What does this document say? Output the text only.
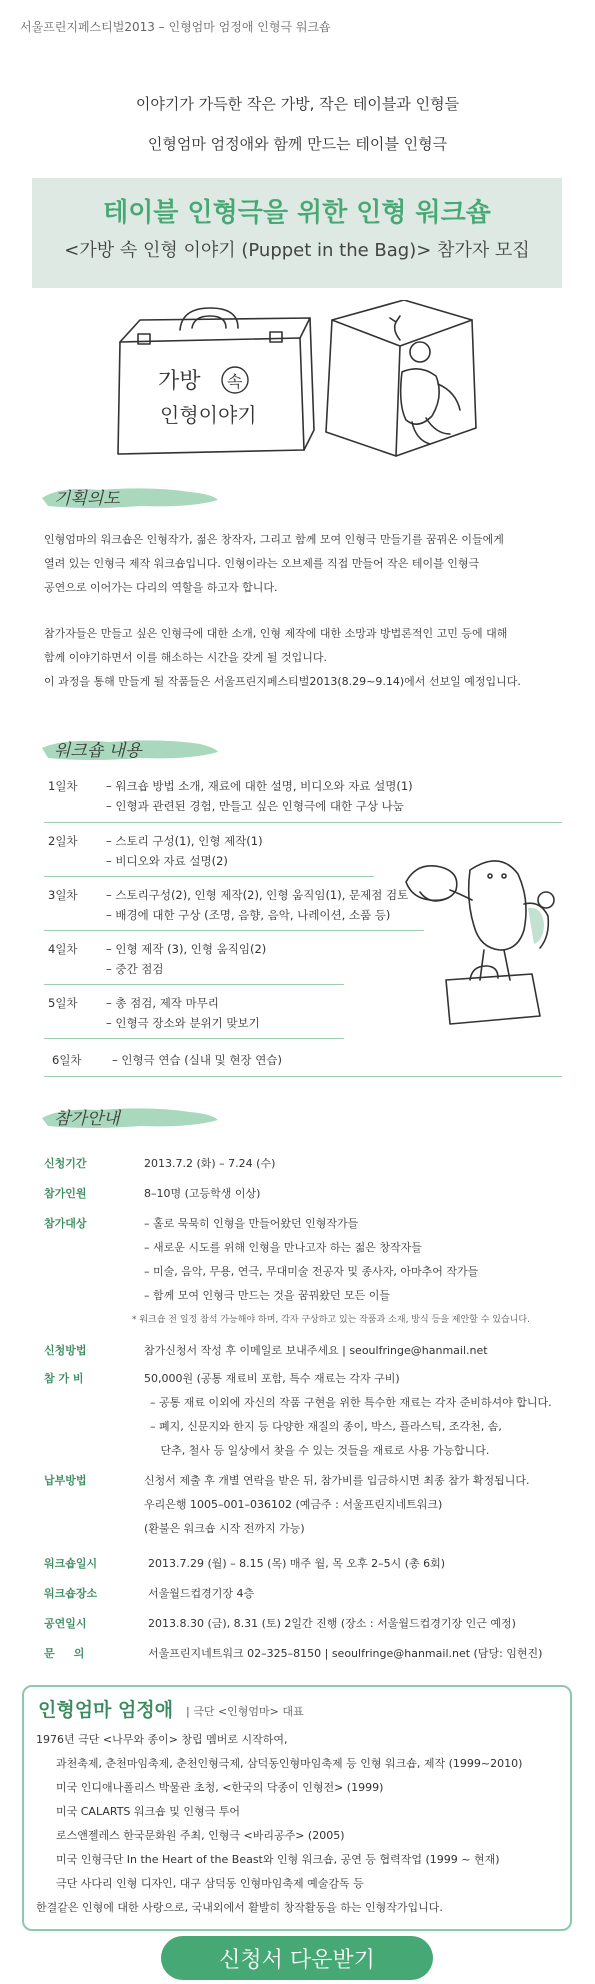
서울프린지페스티벌2013 – 인형엄마 엄정애 인형극 워크숍
이야기가 가득한 작은 가방, 작은 테이블과 인형들
인형엄마 엄정애와 함께 만드는 테이블 인형극
테이블 인형극을 위한 인형 워크숍
<가방 속 인형 이야기 (Puppet in the Bag)> 참가자 모집
가방 속
인형이야기
기획의도
인형엄마의 워크숍은 인형작가, 젊은 창작자, 그리고 함께 모여 인형극 만들기를 꿈꿔온 이들에게
열려 있는 인형극 제작 워크숍입니다. 인형이라는 오브제를 직접 만들어 작은 테이블 인형극
공연으로 이어가는 다리의 역할을 하고자 합니다.
참가자들은 만들고 싶은 인형극에 대한 소개, 인형 제작에 대한 소망과 방법론적인 고민 등에 대해
함께 이야기하면서 이를 해소하는 시간을 갖게 될 것입니다.
이 과정을 통해 만들게 될 작품들은 서울프린지페스티벌2013(8.29~9.14)에서 선보일 예정입니다.
워크숍 내용
1일차 – 워크숍 방법 소개, 재료에 대한 설명, 비디오와 자료 설명(1)
– 인형과 관련된 경험, 만들고 싶은 인형극에 대한 구상 나눔
2일차 – 스토리 구성(1), 인형 제작(1)
– 비디오와 자료 설명(2)
3일차 – 스토리구성(2), 인형 제작(2), 인형 움직임(1), 문제점 검토
– 배경에 대한 구상 (조명, 음향, 음악, 나레이션, 소품 등)
4일차 – 인형 제작 (3), 인형 움직임(2)
– 중간 점검
5일차 – 총 점검, 제작 마무리
– 인형극 장소와 분위기 맞보기
6일차	– 인형극 연습 (실내 및 현장 연습)
참가안내
신청기간	2013.7.2 (화) – 7.24 (수)
참가인원	8–10명 (고등학생 이상)
참가대상	– 홀로 묵묵히 인형을 만들어왔던 인형작가들
– 새로운 시도를 위해 인형을 만나고자 하는 젊은 창작자들
– 미술, 음악, 무용, 연극, 무대미술 전공자 및 종사자, 아마추어 작가들
– 함께 모여 인형극 만드는 것을 꿈꿔왔던 모든 이들
* 워크숍 전 일정 참석 가능해야 하며, 각자 구상하고 있는 작품과 소재, 방식 등을 제안할 수 있습니다.
신청방법	참가신청서 작성 후 이메일로 보내주세요 | seoulfringe@hanmail.net
참 가 비	50,000원 (공통 재료비 포함, 특수 재료는 각자 구비)
– 공통 재료 이외에 자신의 작품 구현을 위한 특수한 재료는 각자 준비하셔야 합니다.
– 폐지, 신문지와 한지 등 다양한 재질의 종이, 박스, 플라스틱, 조각천, 솜,
단추, 철사 등 일상에서 찾을 수 있는 것들을 재료로 사용 가능합니다.
납부방법	신청서 제출 후 개별 연락을 받은 뒤, 참가비를 입금하시면 최종 참가 확정됩니다.
우리은행 1005–001–036102 (예금주 : 서울프린지네트워크)
(환불은 워크숍 시작 전까지 가능)
워크숍일시	2013.7.29 (월) – 8.15 (목) 매주 월, 목 오후 2–5시 (총 6회)
워크숍장소	서울월드컵경기장 4층
공연일시	2013.8.30 (금), 8.31 (토) 2일간 진행 (장소 : 서울월드컵경기장 인근 예정)
문     의	서울프린지네트워크 02–325–8150 | seoulfringe@hanmail.net (담당: 임현진)
인형엄마 엄정애 | 극단 <인형엄마> 대표
1976년 극단 <나무와 종이> 창립 멤버로 시작하여,
과천축제, 춘천마임축제, 춘천인형극제, 삼덕동인형마임축제 등 인형 워크숍, 제작 (1999~2010)
미국 인디애나폴리스 박물관 초청, <한국의 닥종이 인형전> (1999)
미국 CALARTS 워크숍 및 인형극 투어
로스앤젤레스 한국문화원 주최, 인형극 <바리공주> (2005)
미국 인형극단 In the Heart of the Beast와 인형 워크숍, 공연 등 협력작업 (1999 ~ 현재)
극단 사다리 인형 디자인, 대구 삼덕동 인형마임축제 예술감독 등
한결같은 인형에 대한 사랑으로, 국내외에서 활발히 창작활동을 하는 인형작가입니다.
신청서 다운받기
